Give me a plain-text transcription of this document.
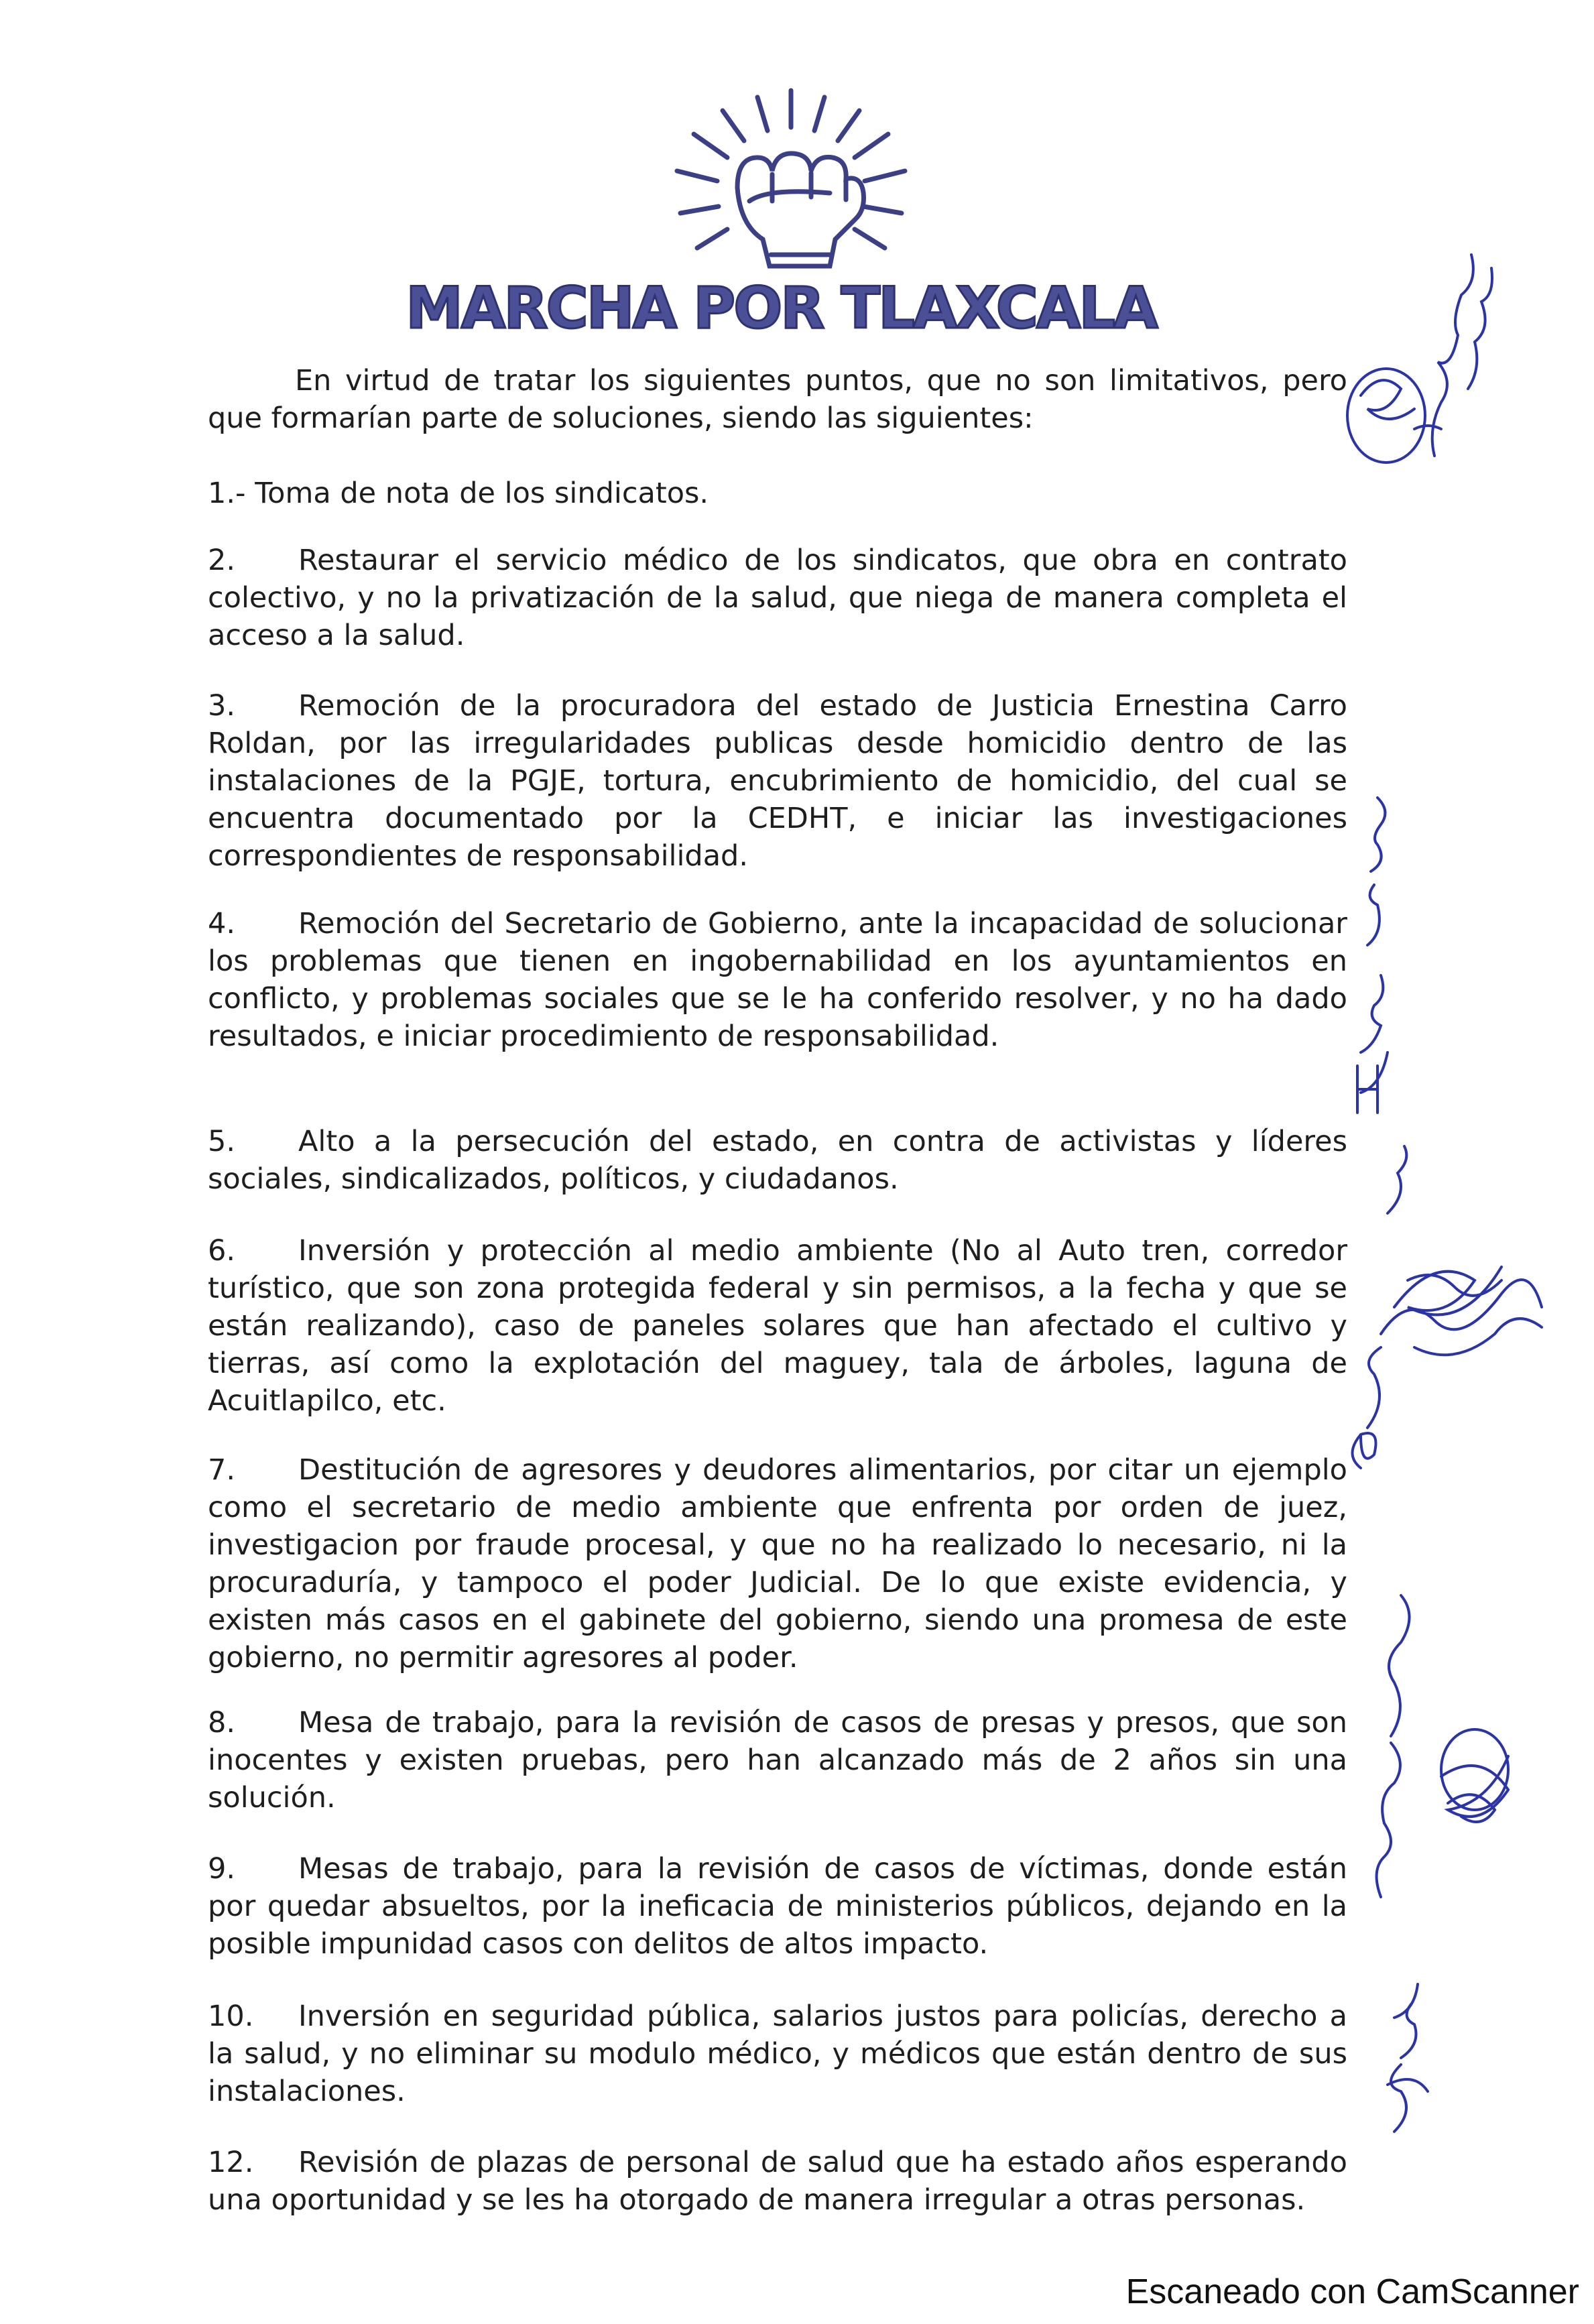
MARCHA POR TLAXCALA
En virtud de tratar los siguientes puntos, que no son limitativos, pero que formarían parte de soluciones, siendo las siguientes:
1.- Toma de nota de los sindicatos.
2. Restaurar el servicio médico de los sindicatos, que obra en contrato colectivo, y no la privatización de la salud, que niega de manera completa el acceso a la salud.
3. Remoción de la procuradora del estado de Justicia Ernestina Carro Roldan, por las irregularidades publicas desde homicidio dentro de las instalaciones de la PGJE, tortura, encubrimiento de homicidio, del cual se encuentra documentado por la CEDHT, e iniciar las investigaciones correspondientes de responsabilidad.
4. Remoción del Secretario de Gobierno, ante la incapacidad de solucionar los problemas que tienen en ingobernabilidad en los ayuntamientos en conflicto, y problemas sociales que se le ha conferido resolver, y no ha dado resultados, e iniciar procedimiento de responsabilidad.
5. Alto a la persecución del estado, en contra de activistas y líderes sociales, sindicalizados, políticos, y ciudadanos.
6. Inversión y protección al medio ambiente (No al Auto tren, corredor turístico, que son zona protegida federal y sin permisos, a la fecha y que se están realizando), caso de paneles solares que han afectado el cultivo y tierras, así como la explotación del maguey, tala de árboles, laguna de Acuitlapilco, etc.
7. Destitución de agresores y deudores alimentarios, por citar un ejemplo como el secretario de medio ambiente que enfrenta por orden de juez, investigacion por fraude procesal, y que no ha realizado lo necesario, ni la procuraduría, y tampoco el poder Judicial. De lo que existe evidencia, y existen más casos en el gabinete del gobierno, siendo una promesa de este gobierno, no permitir agresores al poder.
8. Mesa de trabajo, para la revisión de casos de presas y presos, que son inocentes y existen pruebas, pero han alcanzado más de 2 años sin una solución.
9. Mesas de trabajo, para la revisión de casos de víctimas, donde están por quedar absueltos, por la ineficacia de ministerios públicos, dejando en la posible impunidad casos con delitos de altos impacto.
10. Inversión en seguridad pública, salarios justos para policías, derecho a la salud, y no eliminar su modulo médico, y médicos que están dentro de sus instalaciones.
12. Revisión de plazas de personal de salud que ha estado años esperando una oportunidad y se les ha otorgado de manera irregular a otras personas.
Escaneado con CamScanner
